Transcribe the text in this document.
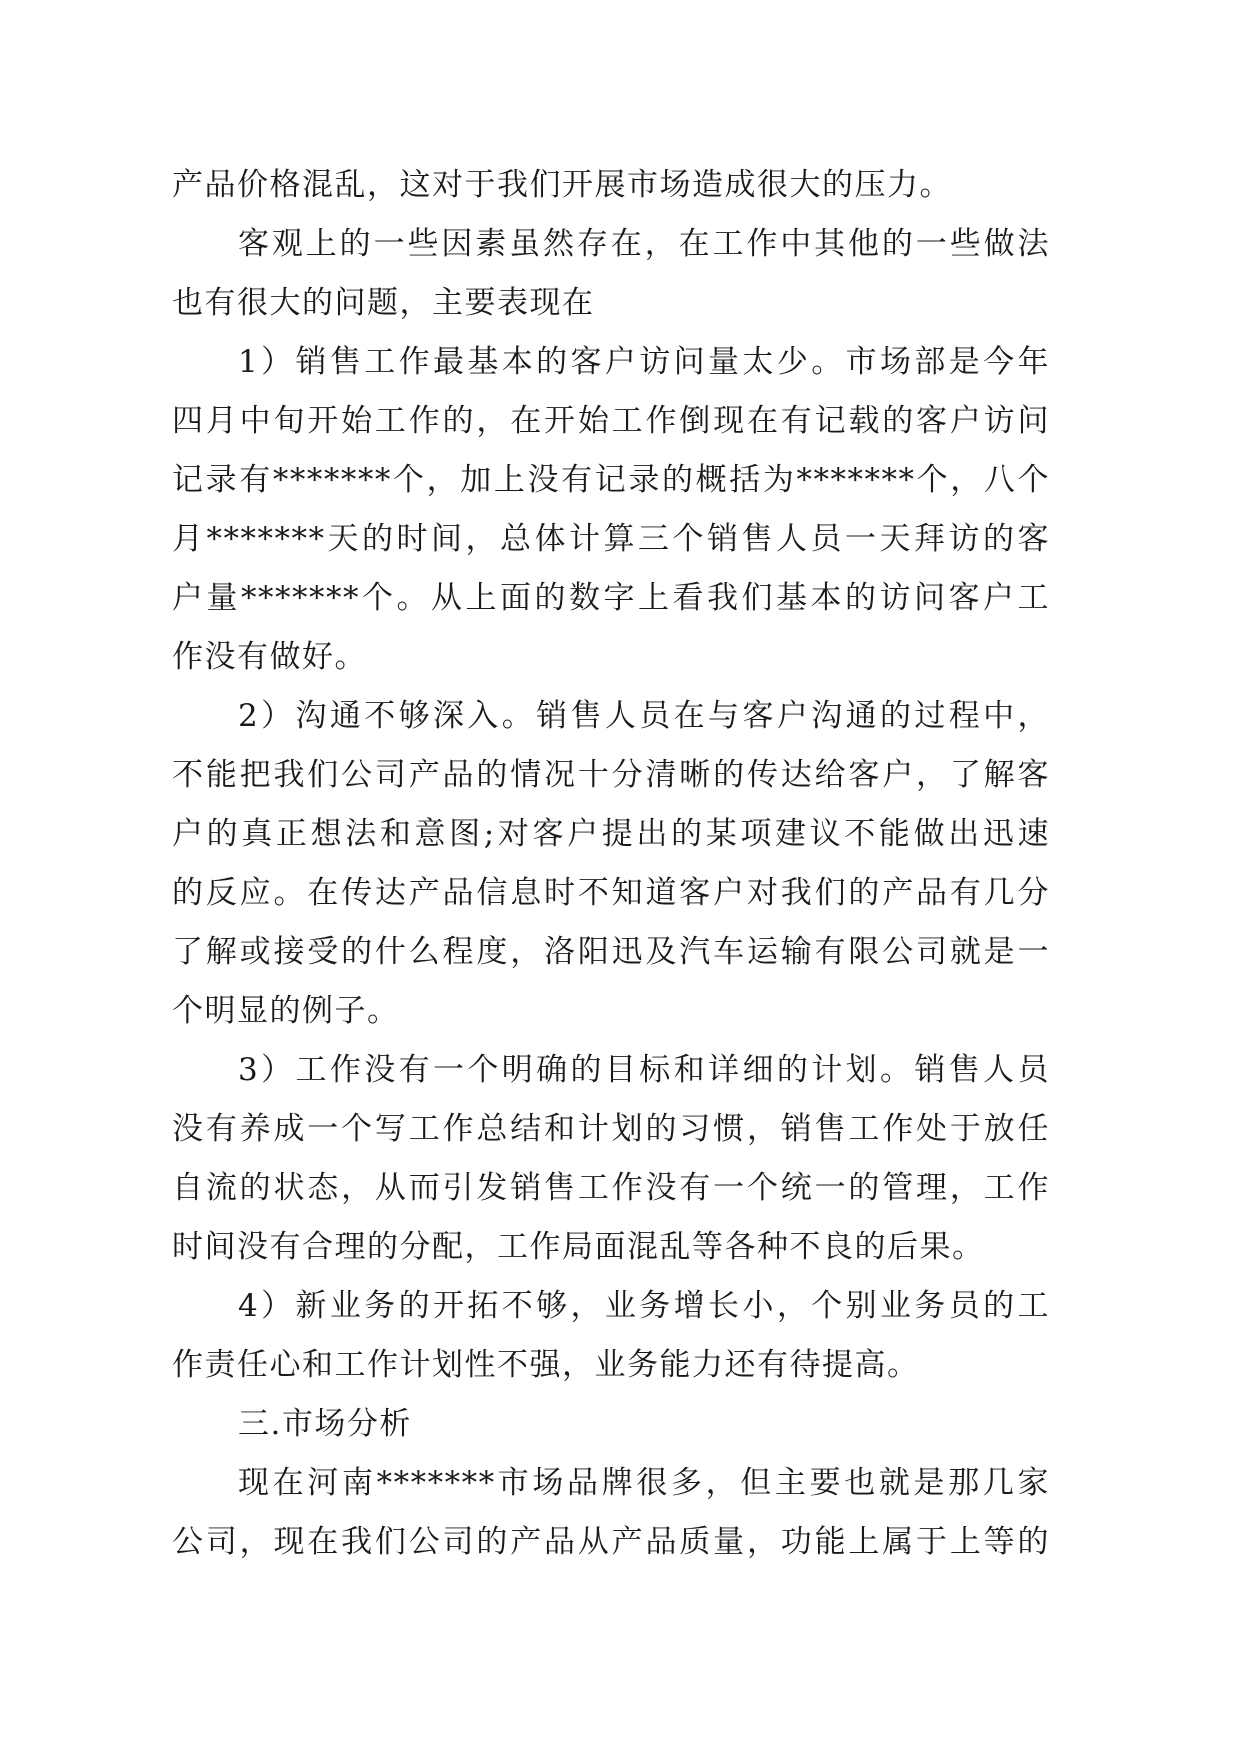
产品价格混乱，这对于我们开展市场造成很大的压力。
客观上的一些因素虽然存在，在工作中其他的一些做法
也有很大的问题，主要表现在
1）销售工作最基本的客户访问量太少。市场部是今年
四月中旬开始工作的，在开始工作倒现在有记载的客户访问
记录有*******个，加上没有记录的概括为*******个，八个
月*******天的时间，总体计算三个销售人员一天拜访的客
户量*******个。从上面的数字上看我们基本的访问客户工
作没有做好。
2）沟通不够深入。销售人员在与客户沟通的过程中，
不能把我们公司产品的情况十分清晰的传达给客户，了解客
户的真正想法和意图;对客户提出的某项建议不能做出迅速
的反应。在传达产品信息时不知道客户对我们的产品有几分
了解或接受的什么程度，洛阳迅及汽车运输有限公司就是一
个明显的例子。
3）工作没有一个明确的目标和详细的计划。销售人员
没有养成一个写工作总结和计划的习惯，销售工作处于放任
自流的状态，从而引发销售工作没有一个统一的管理，工作
时间没有合理的分配，工作局面混乱等各种不良的后果。
4）新业务的开拓不够，业务增长小，个别业务员的工
作责任心和工作计划性不强，业务能力还有待提高。
三.市场分析
现在河南*******市场品牌很多，但主要也就是那几家
公司，现在我们公司的产品从产品质量，功能上属于上等的
